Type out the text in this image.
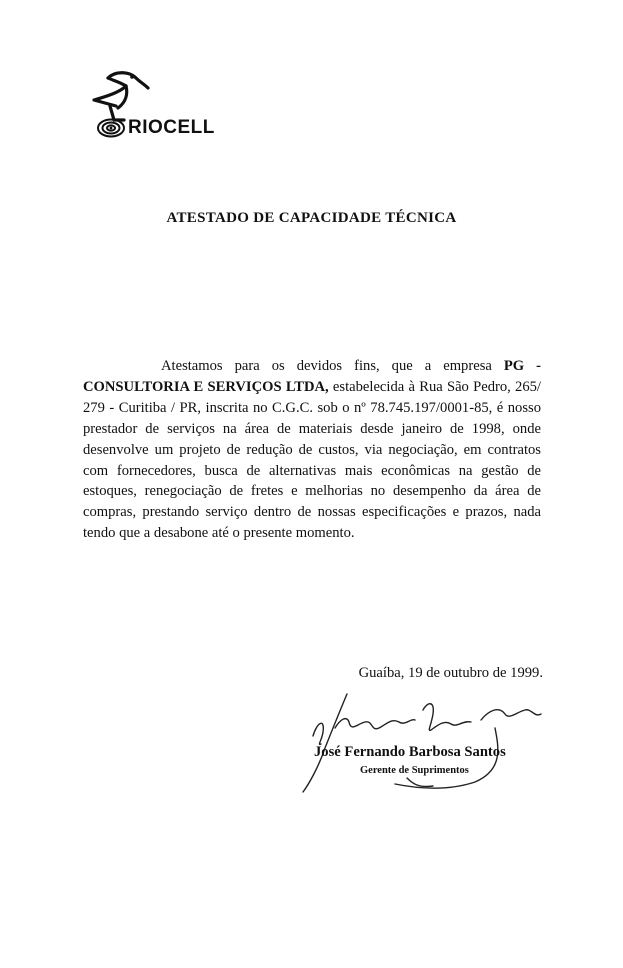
RIOCELL
ATESTADO DE CAPACIDADE TÉCNICA
Atestamos para os devidos fins, que a empresa PG - CONSULTORIA E SERVIÇOS LTDA, estabelecida à Rua São Pedro, 265/ 279 - Curitiba / PR, inscrita no C.G.C. sob o nº 78.745.197/0001-85, é nosso prestador de serviços na área de materiais desde janeiro de 1998, onde desenvolve um projeto de redução de custos, via negociação, em contratos com fornecedores, busca de alternativas mais econômicas na gestão de estoques, renegociação de fretes e melhorias no desempenho da área de compras, prestando serviço dentro de nossas especificações e prazos, nada tendo que a desabone até o presente momento.
Guaíba, 19 de outubro de 1999.
José Fernando Barbosa Santos
Gerente de Suprimentos
